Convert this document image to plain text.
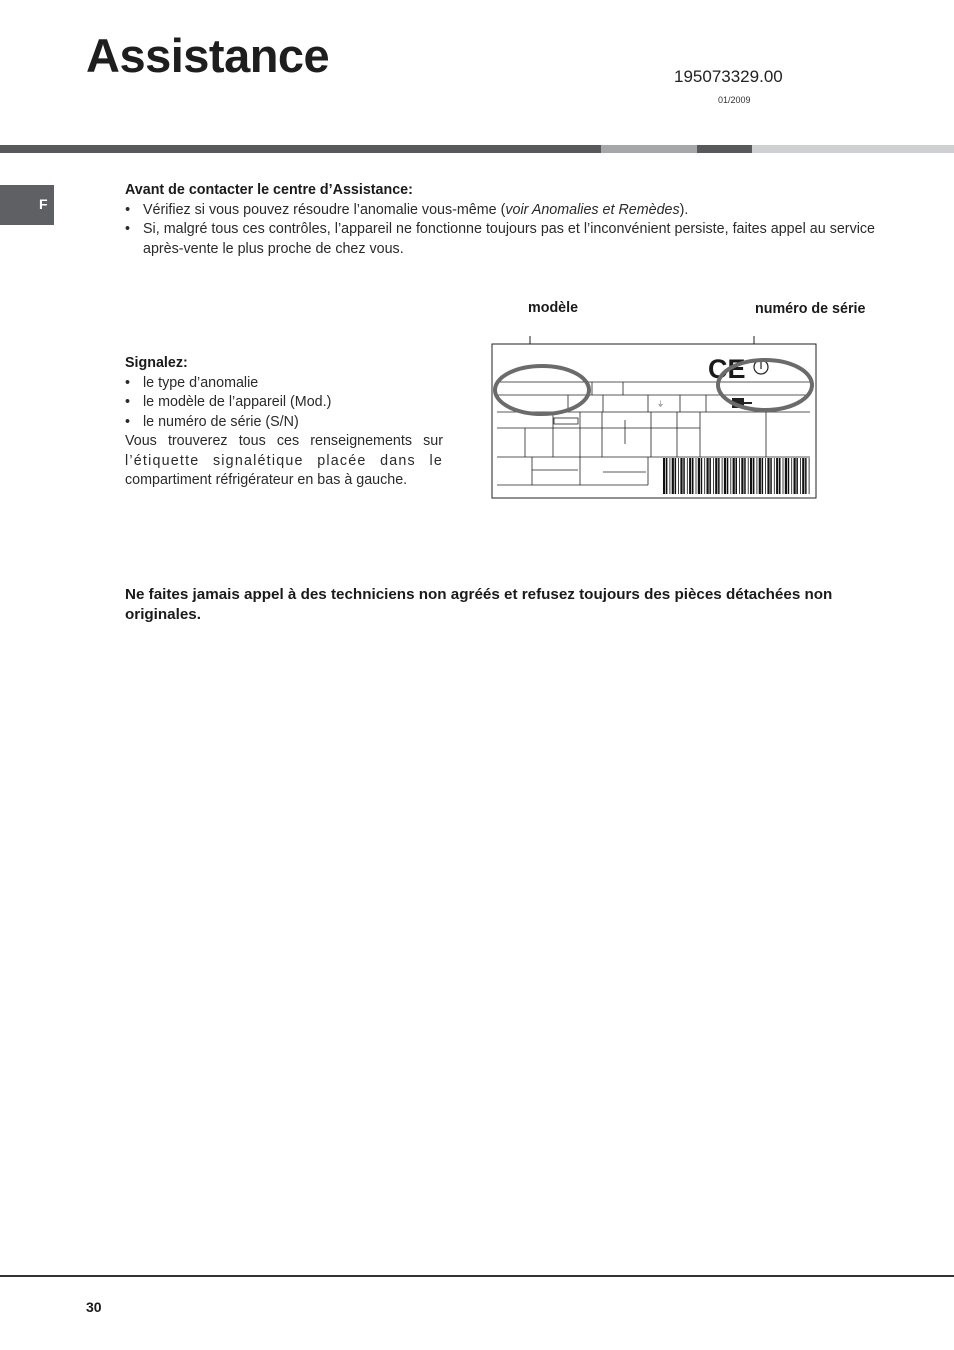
Assistance	195073329.00
01/2009
F
Avant de contacter le centre d’Assistance:
• Vérifiez si vous pouvez résoudre l’anomalie vous-même (voir Anomalies et Remèdes).
• Si, malgré tous ces contrôles, l’appareil ne fonctionne toujours pas et l’inconvénient persiste, faites appel au service après-vente le plus proche de chez vous.
Signalez:
• le type d’anomalie
• le modèle de l’appareil (Mod.)
• le numéro de série (S/N)
Vous trouverez tous ces renseignements sur
l’étiquette signalétique placée dans le
compartiment réfrigérateur en bas à gauche.
modèle	numéro de série
⏚
CE
Ne faites jamais appel à des techniciens non agréés et refusez toujours des pièces détachées non originales.
30
